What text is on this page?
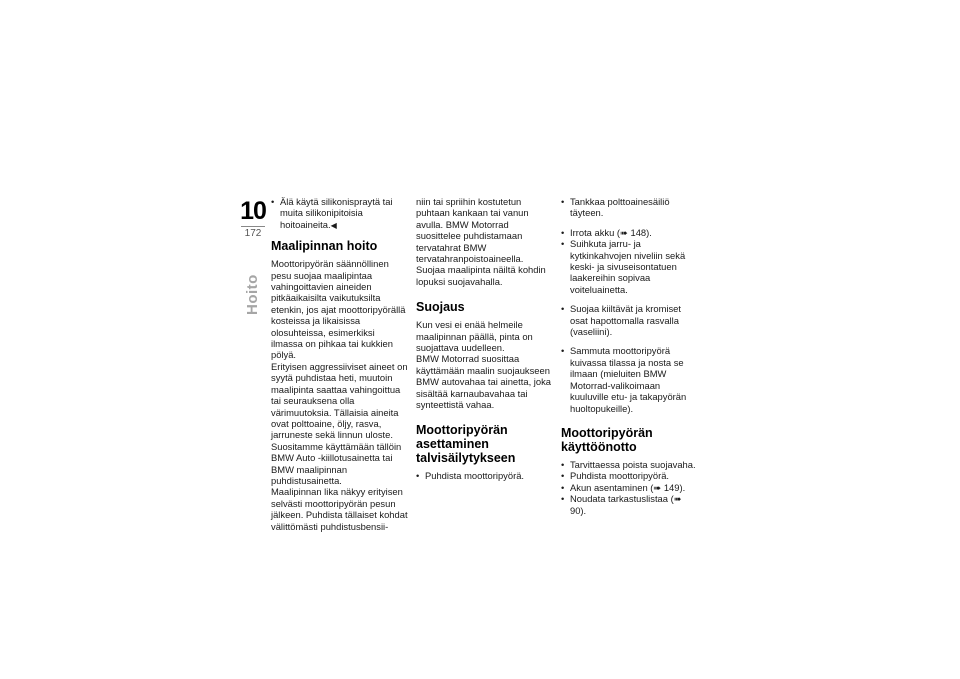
10
172
Hoito
• Älä käytä silikonispraytä tai muita silikonipitoisia hoitoaineita.◀
Maalipinnan hoito

Moottoripyörän säännöllinen pesu suojaa maalipintaa vahingoittavien aineiden pitkäaikaisilta vaikutuksilta etenkin, jos ajat moottoripyörällä kosteissa ja likaisissa olosuhteissa, esimerkiksi ilmassa on pihkaa tai kukkien pölyä.

Erityisen aggressiiviset aineet on syytä puhdistaa heti, muutoin maalipinta saattaa vahingoittua tai seurauksena olla värimuutoksia. Tällaisia aineita ovat polttoaine, öljy, rasva, jarruneste sekä linnun uloste. Suositamme käyttämään tällöin BMW Auto -kiillotusainetta tai BMW maalipinnan puhdistusainetta.

Maalipinnan lika näkyy erityisen selvästi moottoripyörän pesun jälkeen. Puhdista tällaiset kohdat välittömästi puhdistusbensii-

niin tai spriihin kostutetun puhtaan kankaan tai vanun avulla. BMW Motorrad suosittelee puhdistamaan tervatahrat BMW tervatahranpoistoaineella. Suojaa maalipinta näiltä kohdin lopuksi suojavahalla.

Suojaus

Kun vesi ei enää helmeile maalipinnan päällä, pinta on suojattava uudelleen.

BMW Motorrad suosittaa käyttämään maalin suojaukseen BMW autovahaa tai ainetta, joka sisältää karnaubavahaa tai synteettistä vahaa.

Moottoripyörän asettaminen talvisäilytykseen
• Puhdista moottoripyörä.
• Tankkaa polttoainesäiliö täyteen.
• Irrota akku (➠ 148).
• Suihkuta jarru- ja kytkinkahvojen niveliin sekä keski- ja sivuseisontatuen laakereihin sopivaa voiteluainetta.
• Suojaa kiiltävät ja kromiset osat hapottomalla rasvalla (vaseliini).
• Sammuta moottoripyörä kuivassa tilassa ja nosta se ilmaan (mieluiten BMW Motorrad-valikoimaan kuuluville etu- ja takapyörän huoltopukeille).
Moottoripyörän käyttöönotto
• Tarvittaessa poista suojavaha.
• Puhdista moottoripyörä.
• Akun asentaminen (➠ 149).
• Noudata tarkastuslistaa (➠ 90).
